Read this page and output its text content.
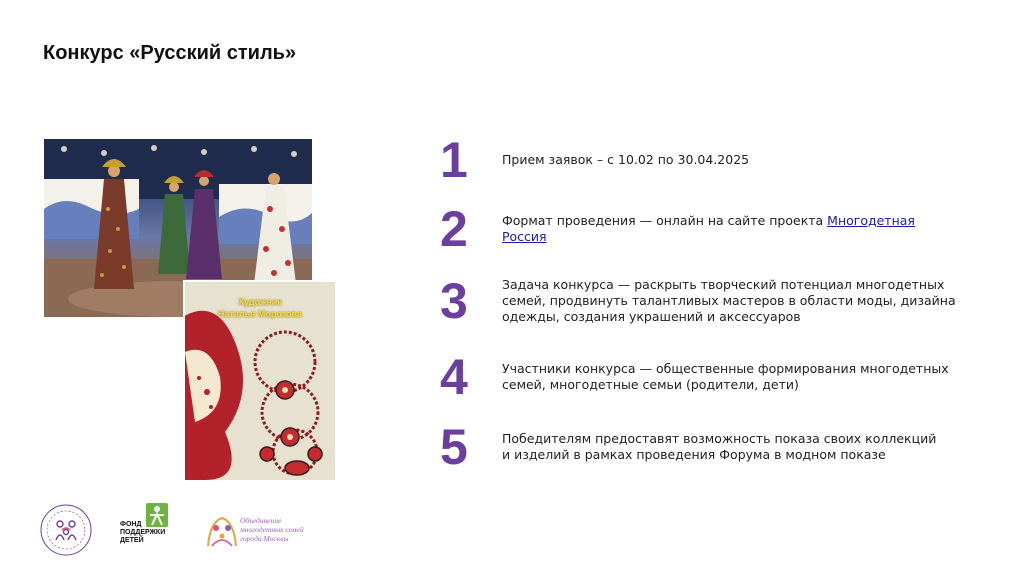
Конкурс «Русский стиль»
Художник
Наталья Морозова
1	Прием заявок – с 10.02 по 30.04.2025
2	Формат проведения — онлайн на сайте проекта Многодетная Россия
3	Задача конкурса — раскрыть творческий потенциал многодетных семей, продвинуть талантливых мастеров в области моды, дизайна одежды, создания украшений и аксессуаров
4	Участники конкурса — общественные формирования многодетных семей, многодетные семьи (родители, дети)
5	Победителям предоставят возможность показа своих коллекций
и изделий в рамках проведения Форума в модном показе
ФОНД
ПОДДЕРЖКИ
ДЕТЕЙ
Объединение
многодетных семей
города Москвы
